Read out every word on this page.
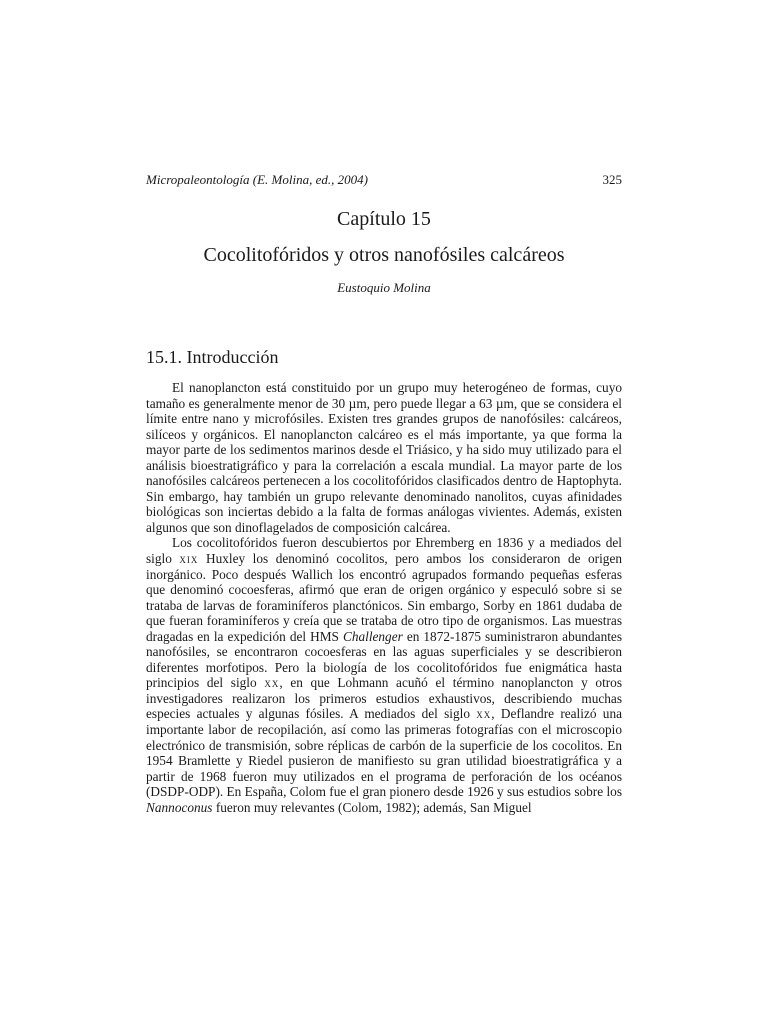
Micropaleontología (E. Molina, ed., 2004)	325
Capítulo 15
Cocolitofóridos y otros nanofósiles calcáreos
Eustoquio Molina
15.1. Introducción

El nanoplancton está constituido por un grupo muy heterogéneo de formas, cuyo tamaño es generalmente menor de 30 µm, pero puede llegar a 63 µm, que se considera el límite entre nano y microfósiles. Existen tres grandes grupos de nanofósiles: calcáreos, silíceos y orgánicos. El nanoplancton calcáreo es el más importante, ya que forma la mayor parte de los sedimentos marinos desde el Triásico, y ha sido muy utilizado para el análisis bioestratigráfico y para la correlación a escala mundial. La mayor parte de los nanofósiles calcáreos pertenecen a los cocolitofóridos clasificados dentro de Haptophyta. Sin embargo, hay también un grupo relevante denominado nanolitos, cuyas afinidades biológicas son inciertas debido a la falta de formas análogas vivientes. Además, existen algunos que son dinoflagelados de composición calcárea.

Los cocolitofóridos fueron descubiertos por Ehremberg en 1836 y a mediados del siglo xix Huxley los denominó cocolitos, pero ambos los consideraron de origen inorgánico. Poco después Wallich los encontró agrupados formando pequeñas esferas que denominó cocoesferas, afirmó que eran de origen orgánico y especuló sobre si se trataba de larvas de foraminíferos planctónicos. Sin embargo, Sorby en 1861 dudaba de que fueran foraminíferos y creía que se trataba de otro tipo de organismos. Las muestras dragadas en la expedición del HMS Challenger en 1872-1875 suministraron abundantes nanofósiles, se encontraron cocoesferas en las aguas superficiales y se describieron diferentes morfotipos. Pero la biología de los cocolitofóridos fue enigmática hasta principios del siglo xx, en que Lohmann acuñó el término nanoplancton y otros investigadores realizaron los primeros estudios exhaustivos, describiendo muchas especies actuales y algunas fósiles. A mediados del siglo xx, Deflandre realizó una importante labor de recopilación, así como las primeras fotografías con el microscopio electrónico de transmisión, sobre réplicas de carbón de la superficie de los cocolitos. En 1954 Bramlette y Riedel pusieron de manifiesto su gran utilidad bioestratigráfica y a partir de 1968 fueron muy utilizados en el programa de perforación de los océanos (DSDP-ODP). En España, Colom fue el gran pionero desde 1926 y sus estudios sobre los Nannoconus fueron muy relevantes (Colom, 1982); además, San Miguel
